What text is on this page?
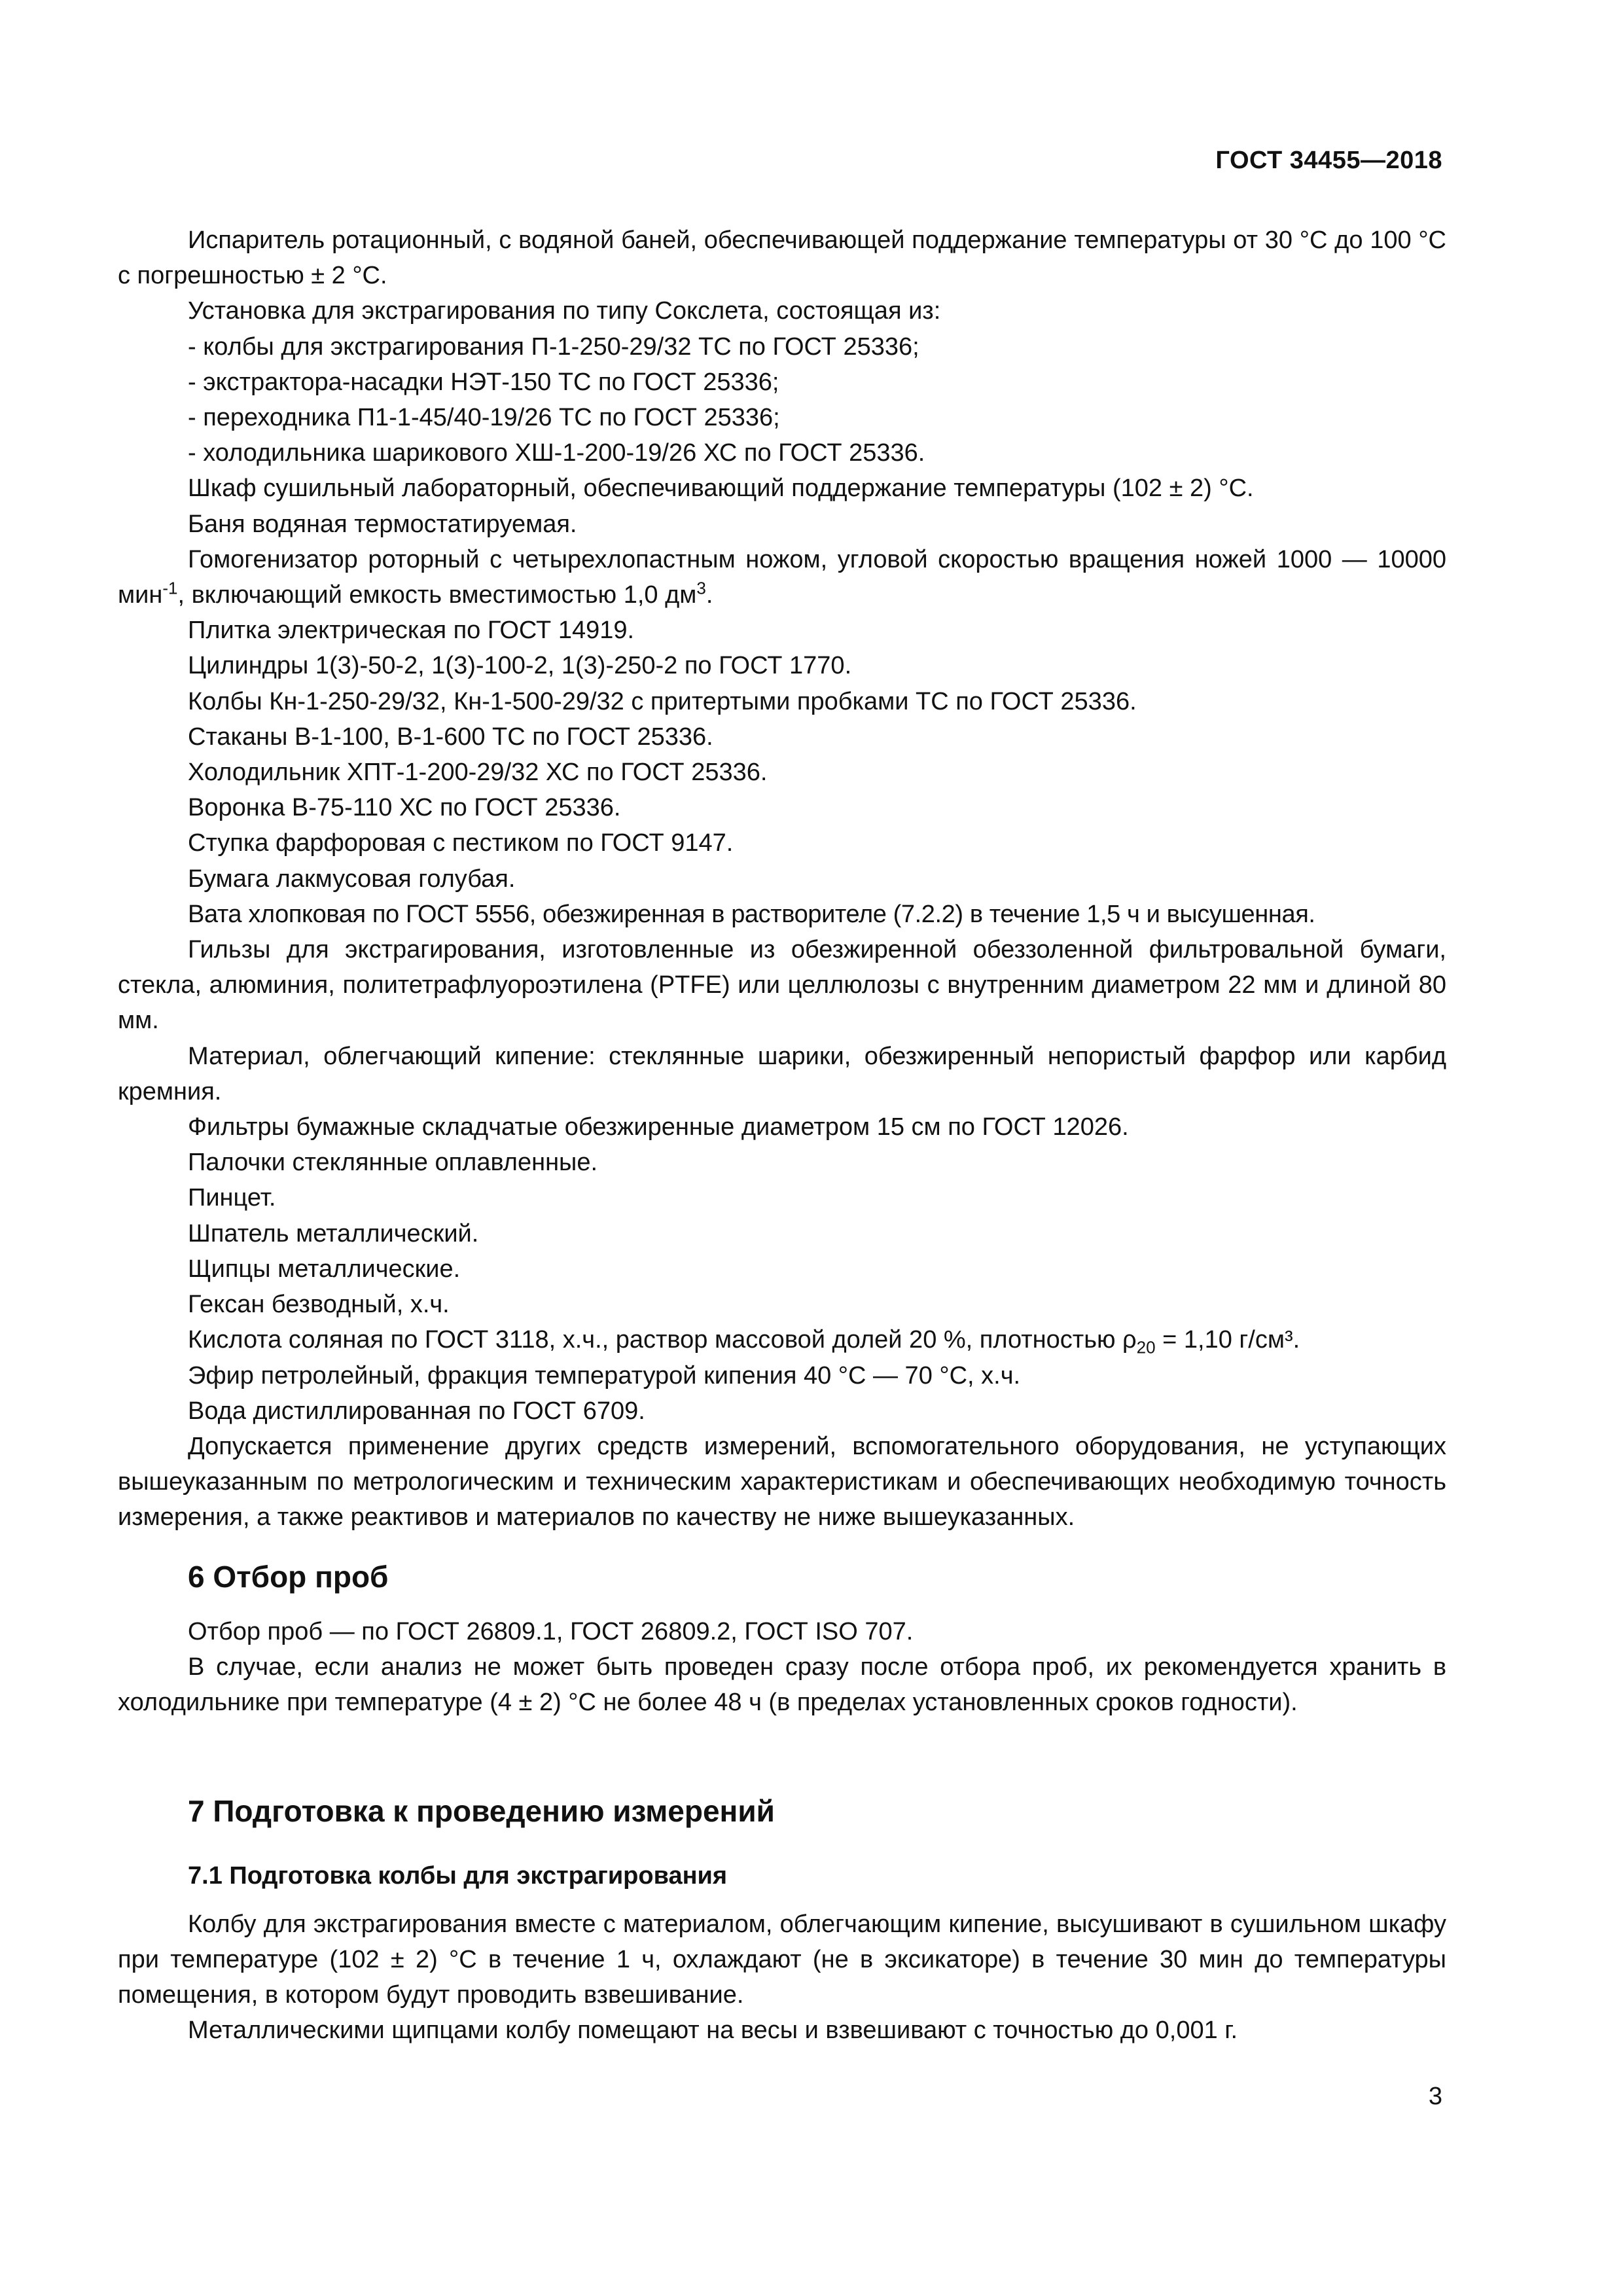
ГОСТ 34455—2018

Испаритель ротационный, с водяной баней, обеспечивающей поддержание температуры от 30 °С до 100 °С с погрешностью ± 2 °С.

Установка для экстрагирования по типу Сокслета, состоящая из:

- колбы для экстрагирования П-1-250-29/32 ТС по ГОСТ 25336;

- экстрактора-насадки НЭТ-150 ТС по ГОСТ 25336;

- переходника П1-1-45/40-19/26 ТС по ГОСТ 25336;

- холодильника шарикового ХШ-1-200-19/26 ХС по ГОСТ 25336.

Шкаф сушильный лабораторный, обеспечивающий поддержание температуры (102 ± 2) °С.

Баня водяная термостатируемая.

Гомогенизатор роторный с четырехлопастным ножом, угловой скоростью вращения ножей 1000 — 10000 мин$^{-1}$, включающий емкость вместимостью 1,0 $дм^3$.

Плитка электрическая по ГОСТ 14919.

Цилиндры 1(3)-50-2, 1(3)-100-2, 1(3)-250-2 по ГОСТ 1770.

Колбы Кн-1-250-29/32, Кн-1-500-29/32 с притертыми пробками ТС по ГОСТ 25336.

Стаканы В-1-100, В-1-600 ТС по ГОСТ 25336.

Холодильник ХПТ-1-200-29/32 ХС по ГОСТ 25336.

Воронка В-75-110 ХС по ГОСТ 25336.

Ступка фарфоровая с пестиком по ГОСТ 9147.

Бумага лакмусовая голубая.

Вата хлопковая по ГОСТ 5556, обезжиренная в растворителе (7.2.2) в течение 1,5 ч и высушенная.

Гильзы для экстрагирования, изготовленные из обезжиренной обеззоленной фильтровальной бумаги, стекла, алюминия, политетрафлуороэтилена (PTFE) или целлюлозы с внутренним диаметром 22 мм и длиной 80 мм.

Материал, облегчающий кипение: стеклянные шарики, обезжиренный непористый фарфор или карбид кремния.

Фильтры бумажные складчатые обезжиренные диаметром 15 см по ГОСТ 12026.

Палочки стеклянные оплавленные.

Пинцет.

Шпатель металлический.

Щипцы металлические.

Гексан безводный, х.ч.

Кислота соляная по ГОСТ 3118, х.ч., раствор массовой долей 20 %, плотностью $\rho_{20} = 1,10$ г/см³.

Эфир петролейный, фракция температурой кипения 40 °С — 70 °С, х.ч.

Вода дистиллированная по ГОСТ 6709.

Допускается применение других средств измерений, вспомогательного оборудования, не уступающих вышеуказанным по метрологическим и техническим характеристикам и обеспечивающих необходимую точность измерения, а также реактивов и материалов по качеству не ниже вышеуказанных.

6 Отбор проб

Отбор проб — по ГОСТ 26809.1, ГОСТ 26809.2, ГОСТ ISO 707.

В случае, если анализ не может быть проведен сразу после отбора проб, их рекомендуется хранить в холодильнике при температуре (4 ± 2) °С не более 48 ч (в пределах установленных сроков годности).

7 Подготовка к проведению измерений
7.1 Подготовка колбы для экстрагирования

Колбу для экстрагирования вместе с материалом, облегчающим кипение, высушивают в сушильном шкафу при температуре (102 ± 2) °С в течение 1 ч, охлаждают (не в эксикаторе) в течение 30 мин до температуры помещения, в котором будут проводить взвешивание.

Металлическими щипцами колбу помещают на весы и взвешивают с точностью до 0,001 г.

3
